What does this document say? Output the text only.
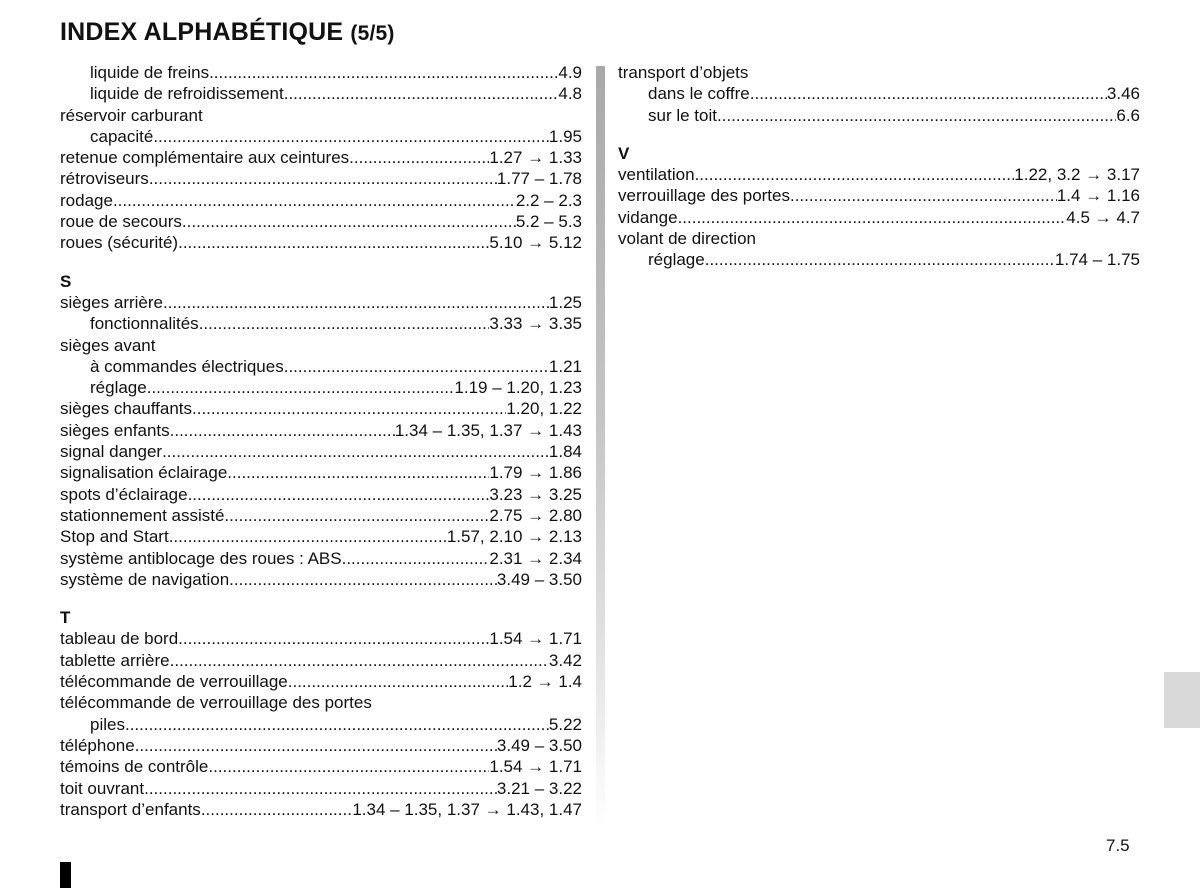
INDEX ALPHABÉTIQUE (5/5)
liquide de freins .....	4.9
liquide de refroidissement .....	4.8
réservoir carburant
capacité .....	1.95
retenue complémentaire aux ceintures .....	1.27 → 1.33
rétroviseurs .....	1.77 – 1.78
rodage .....	2.2 – 2.3
roue de secours .....	5.2 – 5.3
roues (sécurité) .....	5.10 → 5.12
S
sièges arrière .....	1.25
fonctionnalités .....	3.33 → 3.35
sièges avant
à commandes électriques .....	1.21
réglage .....	1.19 – 1.20, 1.23
sièges chauffants .....	1.20, 1.22
sièges enfants .....	1.34 – 1.35, 1.37 → 1.43
signal danger .....	1.84
signalisation éclairage .....	1.79 → 1.86
spots d’éclairage .....	3.23 → 3.25
stationnement assisté .....	2.75 → 2.80
Stop and Start .....	1.57, 2.10 → 2.13
système antiblocage des roues : ABS .....	2.31 → 2.34
système de navigation .....	3.49 – 3.50
T
tableau de bord .....	1.54 → 1.71
tablette arrière .....	3.42
télécommande de verrouillage .....	1.2 → 1.4
télécommande de verrouillage des portes
piles .....	5.22
téléphone .....	3.49 – 3.50
témoins de contrôle .....	1.54 → 1.71
toit ouvrant .....	3.21 – 3.22
transport d’enfants .....	1.34 – 1.35, 1.37 → 1.43, 1.47
transport d’objets
dans le coffre .....	3.46
sur le toit .....	6.6
V
ventilation .....	1.22, 3.2 → 3.17
verrouillage des portes .....	1.4 → 1.16
vidange .....	4.5 → 4.7
volant de direction
réglage .....	1.74 – 1.75
7.5
